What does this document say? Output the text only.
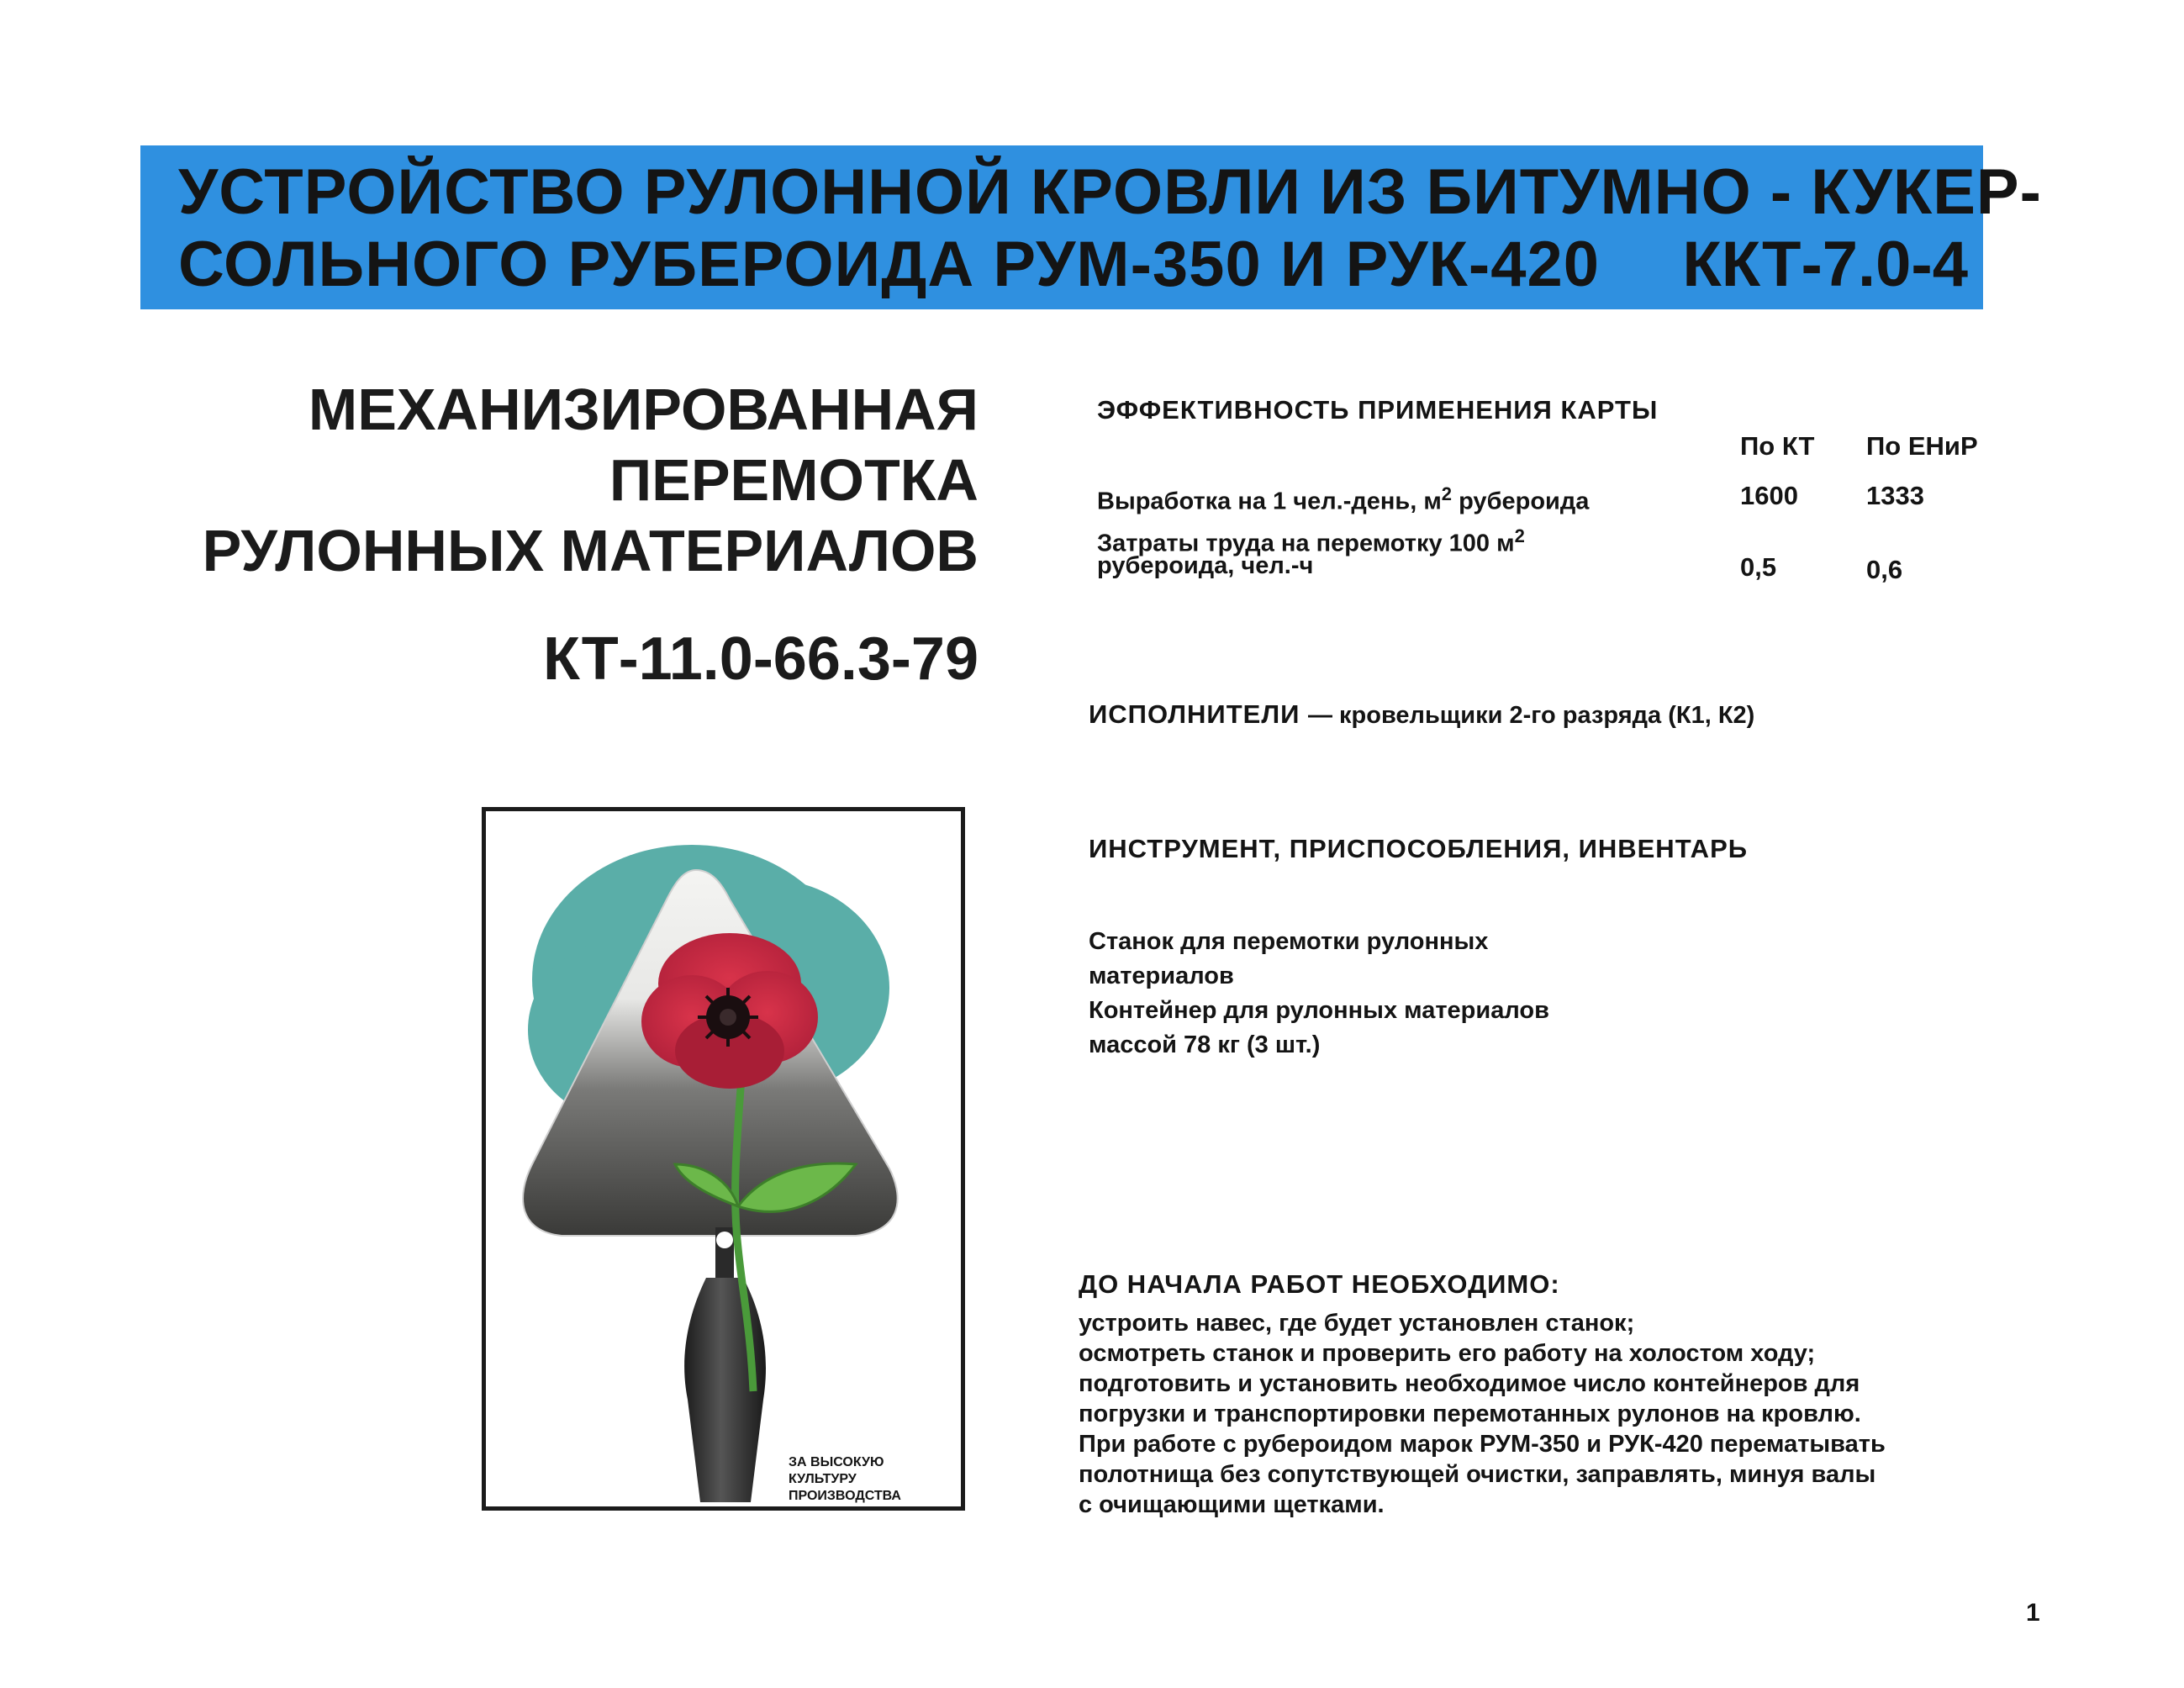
УСТРОЙСТВО РУЛОННОЙ КРОВЛИ ИЗ БИТУМНО - КУКЕР-
СОЛЬНОГО РУБЕРОИДА РУМ-350 И РУК-420 ККТ-7.0-4
МЕХАНИЗИРОВАННАЯ
ПЕРЕМОТКА
РУЛОННЫХ МАТЕРИАЛОВ
КТ-11.0-66.3-79
ЭФФЕКТИВНОСТЬ ПРИМЕНЕНИЯ КАРТЫ
По КТ По ЕНиР
Выработка на 1 чел.-день, $м^2$ рубероида	1600	1333
Затраты труда на перемотку 100 $м^2$
рубероида, чел.-ч	0,5	0,6
ИСПОЛНИТЕЛИ — кровельщики 2-го разряда (К1, К2)
ИНСТРУМЕНТ, ПРИСПОСОБЛЕНИЯ, ИНВЕНТАРЬ
Станок для перемотки рулонных
материалов
Контейнер для рулонных материалов
массой 78 кг (3 шт.)
ДО НАЧАЛА РАБОТ НЕОБХОДИМО:
устроить навес, где будет установлен станок;
осмотреть станок и проверить его работу на холостом ходу;
подготовить и установить необходимое число контейнеров для
погрузки и транспортировки перемотанных рулонов на кровлю.
При работе с рубероидом марок РУМ-350 и РУК-420 перематывать
полотнища без сопутствующей очистки, заправлять, минуя валы
с очищающими щетками.
ЗА ВЫСОКУЮ
КУЛЬТУРУ
ПРОИЗВОДСТВА
1
